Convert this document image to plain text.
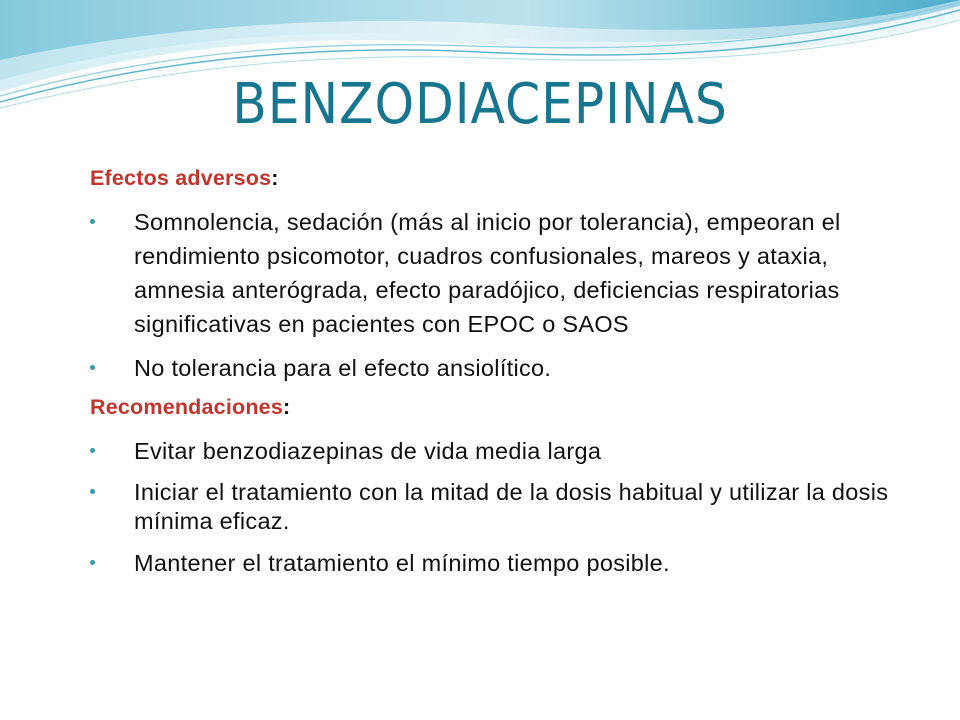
BENZODIACEPINAS
Efectos adversos:
Somnolencia, sedación (más al inicio por tolerancia), empeoran el rendimiento psicomotor, cuadros confusionales, mareos y ataxia, amnesia anterógrada, efecto paradójico, deficiencias respiratorias significativas en pacientes con EPOC o SAOS
No tolerancia para el efecto ansiolítico.
Recomendaciones:
Evitar benzodiazepinas de vida media larga
Iniciar el tratamiento con la mitad de la dosis habitual y utilizar la dosis mínima eficaz.
Mantener el tratamiento el mínimo tiempo posible.
